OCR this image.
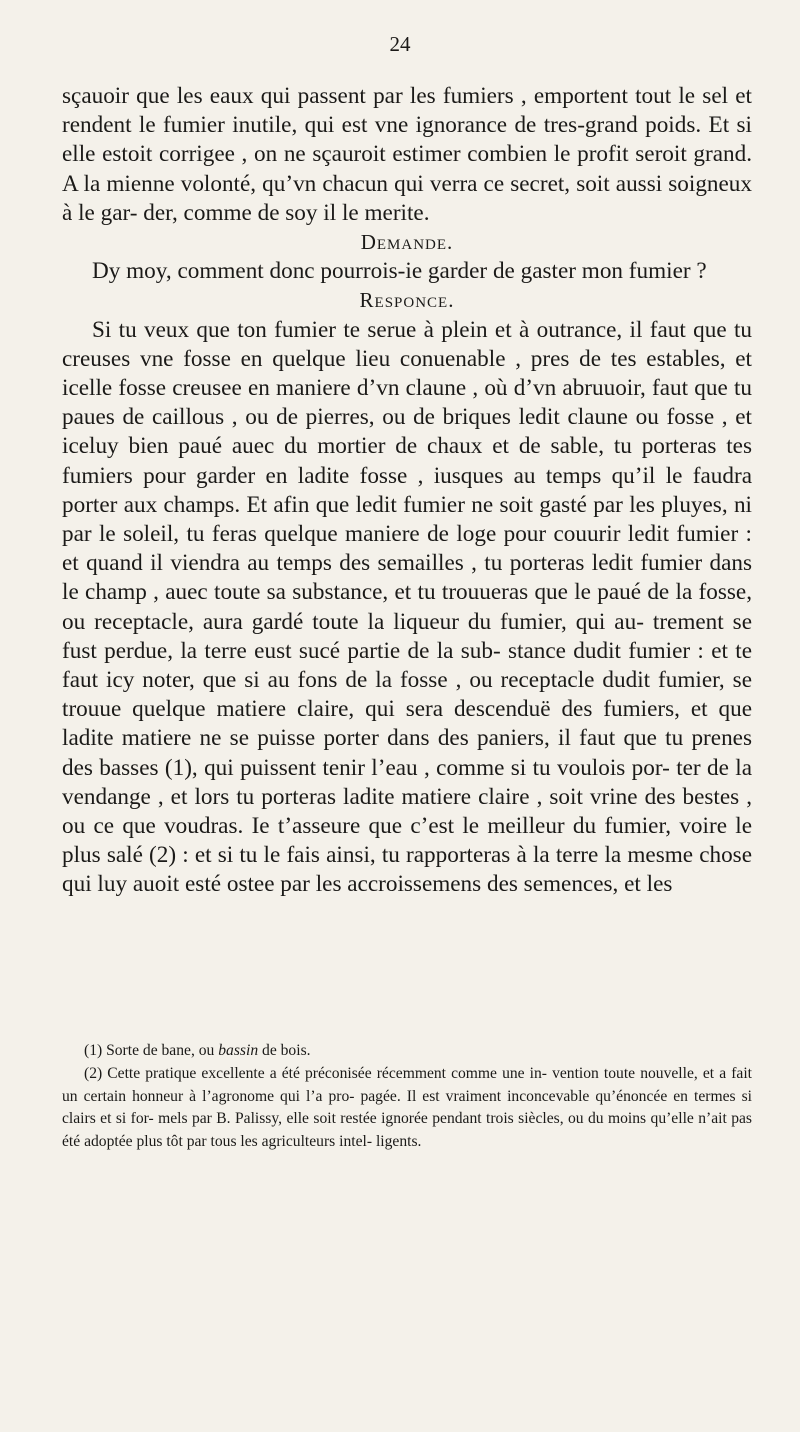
24

sçauoir que les eaux qui passent par les fumiers , emportent tout le sel et rendent le fumier inutile, qui est vne ignorance de tres-grand poids. Et si elle estoit corrigee , on ne sçauroit estimer combien le profit seroit grand. A la mienne volonté, qu’vn chacun qui verra ce secret, soit aussi soigneux à le gar- der, comme de soy il le merite.

Demande.

Dy moy, comment donc pourrois-ie garder de gaster mon fumier ?

Responce.

Si tu veux que ton fumier te serue à plein et à outrance, il faut que tu creuses vne fosse en quelque lieu conuenable , pres de tes estables, et icelle fosse creusee en maniere d’vn claune , où d’vn abruuoir, faut que tu paues de caillous , ou de pierres, ou de briques ledit claune ou fosse , et iceluy bien paué auec du mortier de chaux et de sable, tu porteras tes fumiers pour garder en ladite fosse , iusques au temps qu’il le faudra porter aux champs. Et afin que ledit fumier ne soit gasté par les pluyes, ni par le soleil, tu feras quelque maniere de loge pour couurir ledit fumier : et quand il viendra au temps des semailles , tu porteras ledit fumier dans le champ , auec toute sa substance, et tu trouueras que le paué de la fosse, ou receptacle, aura gardé toute la liqueur du fumier, qui au- trement se fust perdue, la terre eust sucé partie de la sub- stance dudit fumier : et te faut icy noter, que si au fons de la fosse , ou receptacle dudit fumier, se trouue quelque matiere claire, qui sera descenduë des fumiers, et que ladite matiere ne se puisse porter dans des paniers, il faut que tu prenes des basses (1), qui puissent tenir l’eau , comme si tu voulois por- ter de la vendange , et lors tu porteras ladite matiere claire , soit vrine des bestes , ou ce que voudras. Ie t’asseure que c’est le meilleur du fumier, voire le plus salé (2) : et si tu le fais ainsi, tu rapporteras à la terre la mesme chose qui luy auoit esté ostee par les accroissemens des semences, et les

(1) Sorte de bane, ou bassin de bois.

(2) Cette pratique excellente a été préconisée récemment comme une in- vention toute nouvelle, et a fait un certain honneur à l’agronome qui l’a pro- pagée. Il est vraiment inconcevable qu’énoncée en termes si clairs et si for- mels par B. Palissy, elle soit restée ignorée pendant trois siècles, ou du moins qu’elle n’ait pas été adoptée plus tôt par tous les agriculteurs intel- ligents.
